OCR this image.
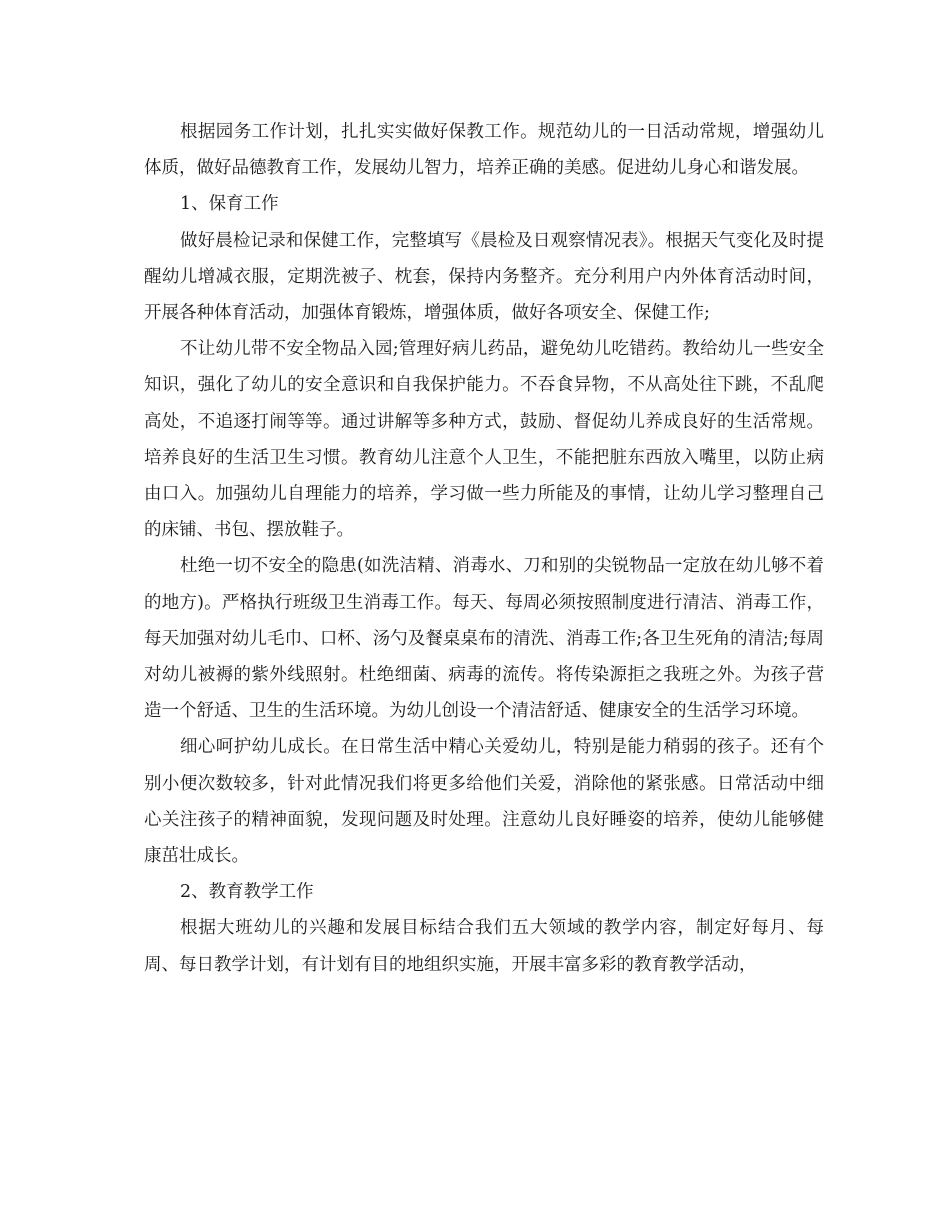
根据园务工作计划，扎扎实实做好保教工作。规范幼儿的一日活动常规，增强幼儿体质，做好品德教育工作，发展幼儿智力，培养正确的美感。促进幼儿身心和谐发展。

1、保育工作

做好晨检记录和保健工作，完整填写《晨检及日观察情况表》。根据天气变化及时提醒幼儿增减衣服，定期洗被子、枕套，保持内务整齐。充分利用户内外体育活动时间，开展各种体育活动，加强体育锻炼，增强体质，做好各项安全、保健工作;

不让幼儿带不安全物品入园;管理好病儿药品，避免幼儿吃错药。教给幼儿一些安全知识，强化了幼儿的安全意识和自我保护能力。不吞食异物，不从高处往下跳，不乱爬高处，不追逐打闹等等。通过讲解等多种方式，鼓励、督促幼儿养成良好的生活常规。培养良好的生活卫生习惯。教育幼儿注意个人卫生，不能把脏东西放入嘴里，以防止病由口入。加强幼儿自理能力的培养，学习做一些力所能及的事情，让幼儿学习整理自己的床铺、书包、摆放鞋子。

杜绝一切不安全的隐患(如洗洁精、消毒水、刀和别的尖锐物品一定放在幼儿够不着的地方)。严格执行班级卫生消毒工作。每天、每周必须按照制度进行清洁、消毒工作，每天加强对幼儿毛巾、口杯、汤勺及餐桌桌布的清洗、消毒工作;各卫生死角的清洁;每周对幼儿被褥的紫外线照射。杜绝细菌、病毒的流传。将传染源拒之我班之外。为孩子营造一个舒适、卫生的生活环境。为幼儿创设一个清洁舒适、健康安全的生活学习环境。

细心呵护幼儿成长。在日常生活中精心关爱幼儿，特别是能力稍弱的孩子。还有个别小便次数较多，针对此情况我们将更多给他们关爱，消除他的紧张感。日常活动中细心关注孩子的精神面貌，发现问题及时处理。注意幼儿良好睡姿的培养，使幼儿能够健康茁壮成长。

2、教育教学工作

根据大班幼儿的兴趣和发展目标结合我们五大领域的教学内容，制定好每月、每周、每日教学计划，有计划有目的地组织实施，开展丰富多彩的教育教学活动，
